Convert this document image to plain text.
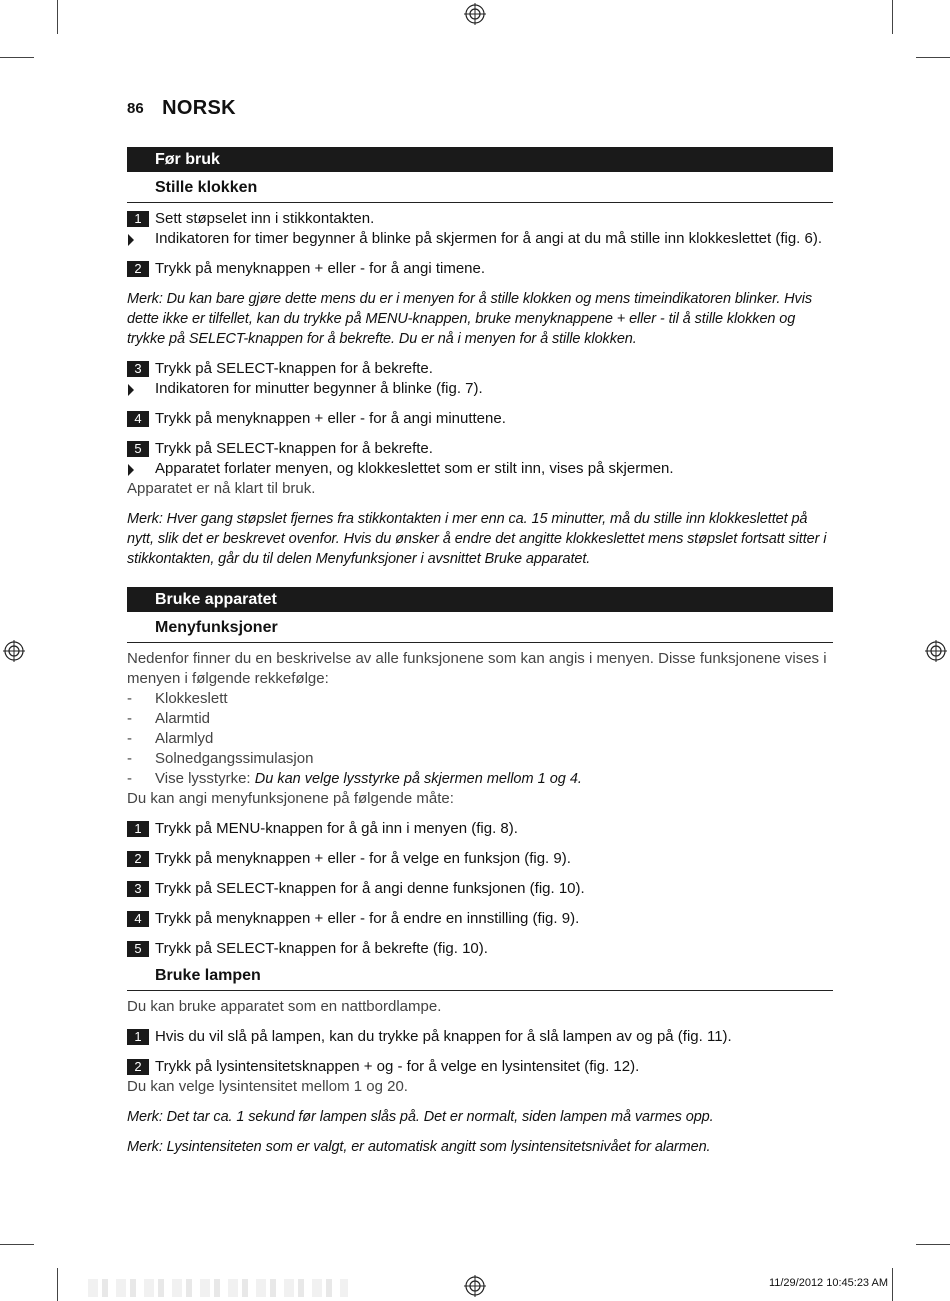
86 NORSK
Før bruk
Stille klokken
1 Sett støpselet inn i stikkontakten.
Indikatoren for timer begynner å blinke på skjermen for å angi at du må stille inn klokkeslettet (fig. 6).
2 Trykk på menyknappen + eller - for å angi timene.
Merk: Du kan bare gjøre dette mens du er i menyen for å stille klokken og mens timeindikatoren blinker. Hvis dette ikke er tilfellet, kan du trykke på MENU-knappen, bruke menyknappene + eller - til å stille klokken og trykke på SELECT-knappen for å bekrefte. Du er nå i menyen for å stille klokken.
3 Trykk på SELECT-knappen for å bekrefte.
Indikatoren for minutter begynner å blinke (fig. 7).
4 Trykk på menyknappen + eller - for å angi minuttene.
5 Trykk på SELECT-knappen for å bekrefte.
Apparatet forlater menyen, og klokkeslettet som er stilt inn, vises på skjermen.
Apparatet er nå klart til bruk.
Merk: Hver gang støpslet fjernes fra stikkontakten i mer enn ca. 15 minutter, må du stille inn klokkeslettet på nytt, slik det er beskrevet ovenfor. Hvis du ønsker å endre det angitte klokkeslettet mens støpslet fortsatt sitter i stikkontakten, går du til delen Menyfunksjoner i avsnittet Bruke apparatet.
Bruke apparatet
Menyfunksjoner
Nedenfor finner du en beskrivelse av alle funksjonene som kan angis i menyen. Disse funksjonene vises i menyen i følgende rekkefølge:
- Klokkeslett
- Alarmtid
- Alarmlyd
- Solnedgangssimulasjon
- Vise lysstyrke: Du kan velge lysstyrke på skjermen mellom 1 og 4.
Du kan angi menyfunksjonene på følgende måte:
1 Trykk på MENU-knappen for å gå inn i menyen (fig. 8).
2 Trykk på menyknappen + eller - for å velge en funksjon (fig. 9).
3 Trykk på SELECT-knappen for å angi denne funksjonen (fig. 10).
4 Trykk på menyknappen + eller - for å endre en innstilling (fig. 9).
5 Trykk på SELECT-knappen for å bekrefte (fig. 10).
Bruke lampen
Du kan bruke apparatet som en nattbordlampe.
1 Hvis du vil slå på lampen, kan du trykke på knappen for å slå lampen av og på (fig. 11).
2 Trykk på lysintensitetsknappen + og - for å velge en lysintensitet (fig. 12).
Du kan velge lysintensitet mellom 1 og 20.
Merk: Det tar ca. 1 sekund før lampen slås på. Det er normalt, siden lampen må varmes opp.
Merk: Lysintensiteten som er valgt, er automatisk angitt som lysintensitetsnivået for alarmen.
11/29/2012 10:45:23 AM
